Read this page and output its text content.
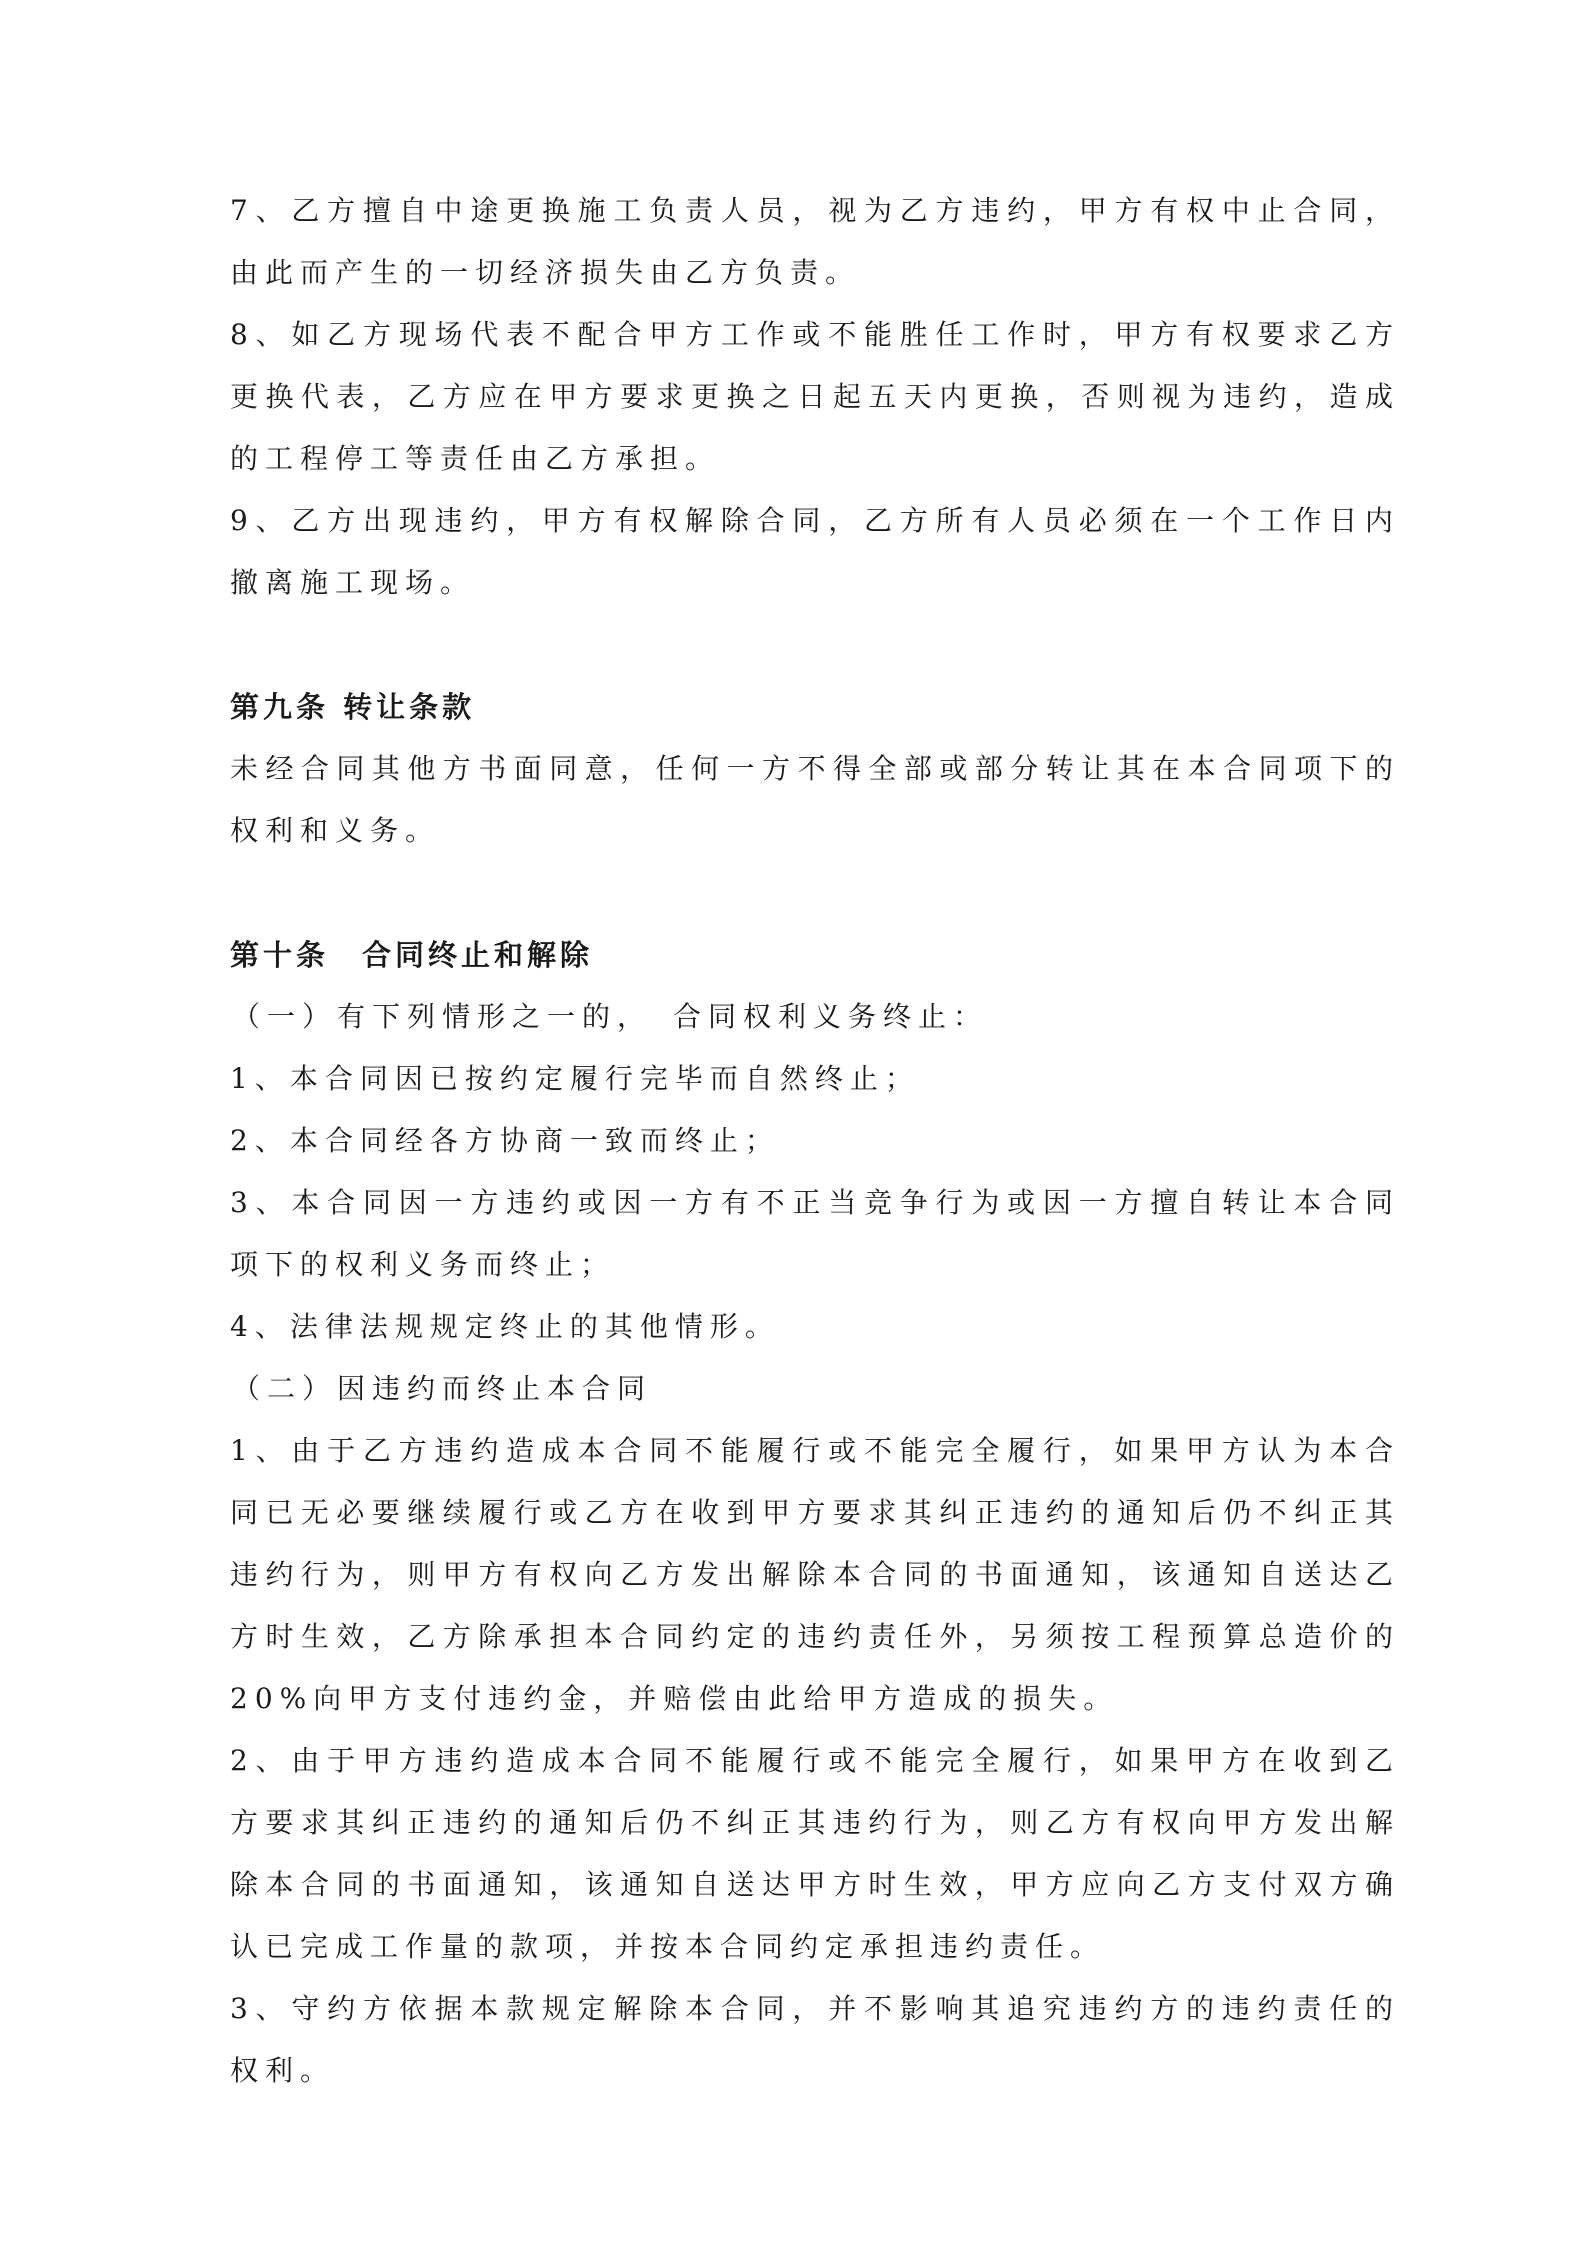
7、乙方擅自中途更换施工负责人员，视为乙方违约，甲方有权中止合同，由此而产生的一切经济损失由乙方负责。

8、如乙方现场代表不配合甲方工作或不能胜任工作时，甲方有权要求乙方更换代表，乙方应在甲方要求更换之日起五天内更换，否则视为违约，造成的工程停工等责任由乙方承担。

9、乙方出现违约，甲方有权解除合同，乙方所有人员必须在一个工作日内撤离施工现场。

第九条 转让条款

未经合同其他方书面同意，任何一方不得全部或部分转让其在本合同项下的权利和义务。

第十条　合同终止和解除

（一）有下列情形之一的，　合同权利义务终止：

1、本合同因已按约定履行完毕而自然终止；

2、本合同经各方协商一致而终止；

3、本合同因一方违约或因一方有不正当竞争行为或因一方擅自转让本合同项下的权利义务而终止；

4、法律法规规定终止的其他情形。

（二）因违约而终止本合同

1、由于乙方违约造成本合同不能履行或不能完全履行，如果甲方认为本合同已无必要继续履行或乙方在收到甲方要求其纠正违约的通知后仍不纠正其违约行为，则甲方有权向乙方发出解除本合同的书面通知，该通知自送达乙方时生效，乙方除承担本合同约定的违约责任外，另须按工程预算总造价的20%向甲方支付违约金，并赔偿由此给甲方造成的损失。

2、由于甲方违约造成本合同不能履行或不能完全履行，如果甲方在收到乙方要求其纠正违约的通知后仍不纠正其违约行为，则乙方有权向甲方发出解除本合同的书面通知，该通知自送达甲方时生效，甲方应向乙方支付双方确认已完成工作量的款项，并按本合同约定承担违约责任。

3、守约方依据本款规定解除本合同，并不影响其追究违约方的违约责任的权利。
